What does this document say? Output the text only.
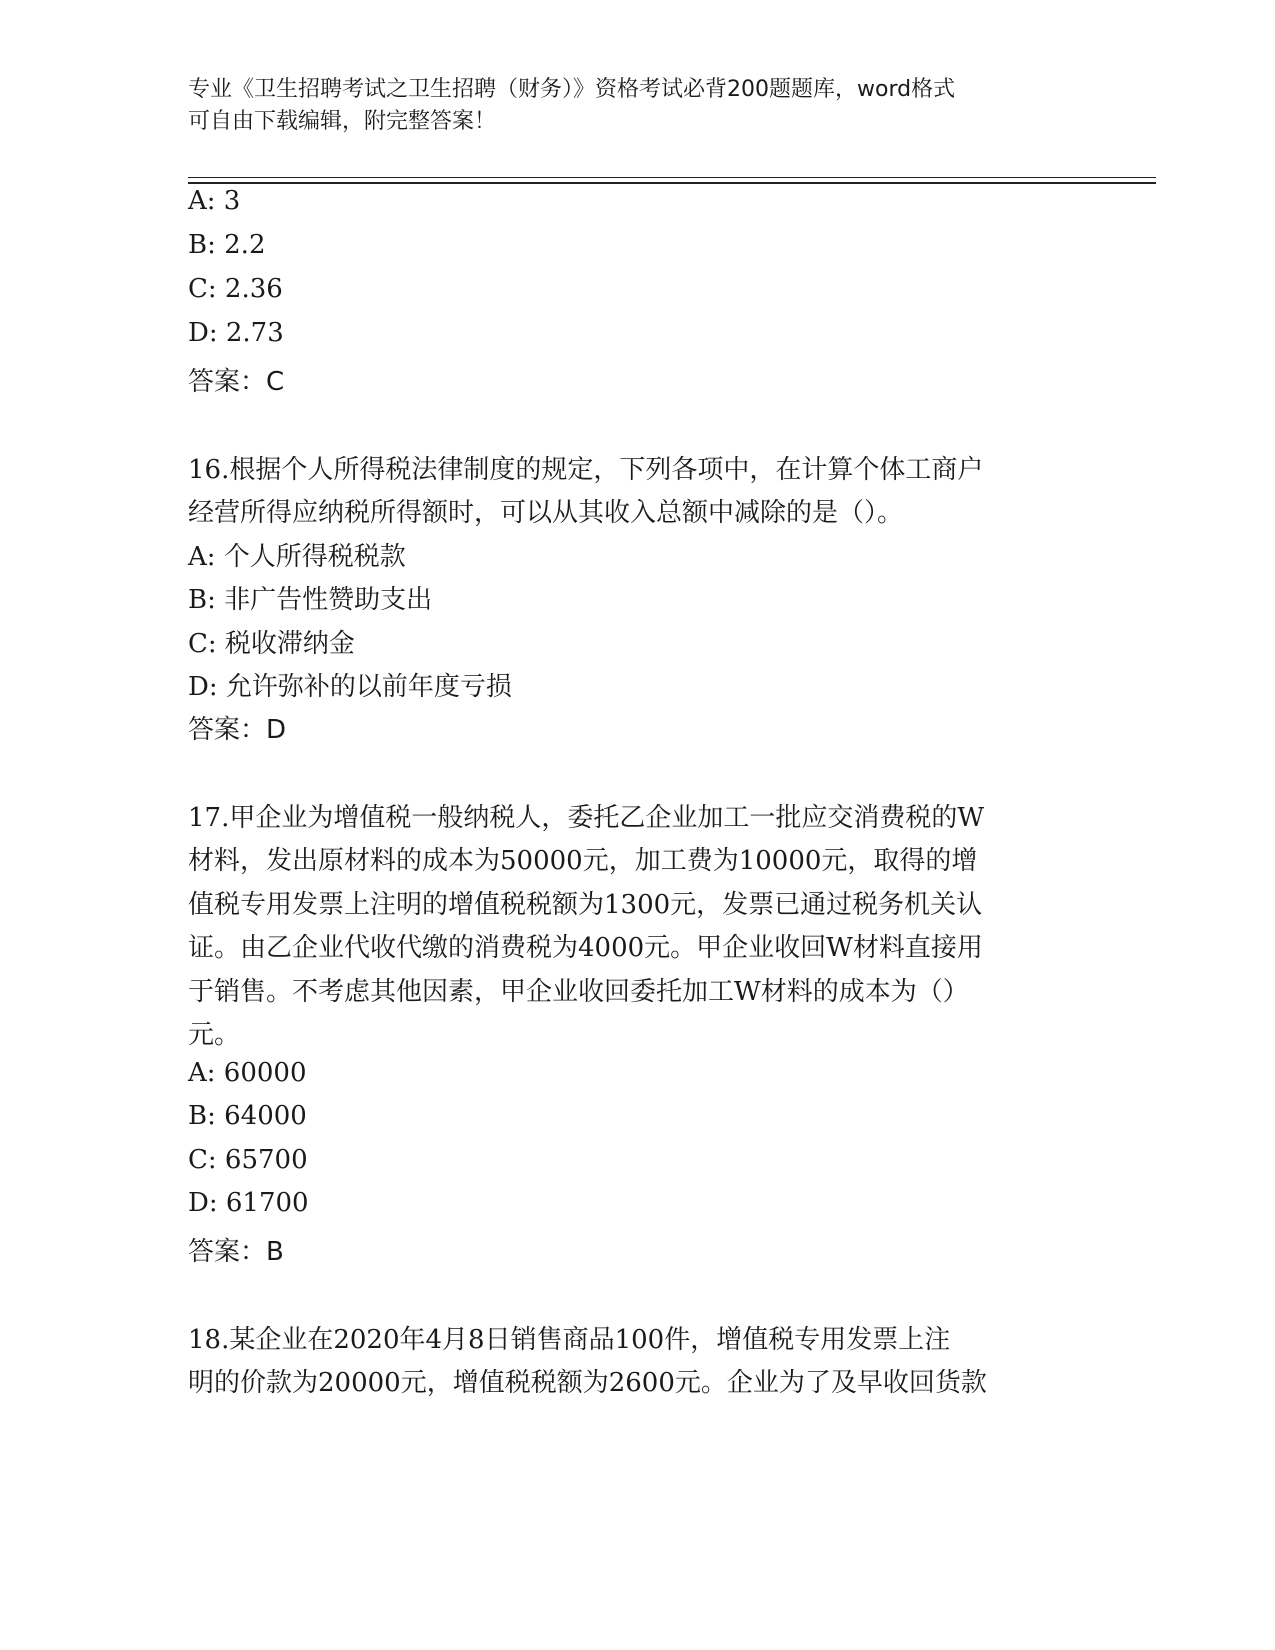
专业《卫生招聘考试之卫生招聘（财务）》资格考试必背200题题库，word格式
可自由下载编辑，附完整答案！
A: 3
B: 2.2
C: 2.36
D: 2.73
答案：C
16.根据个人所得税法律制度的规定，下列各项中，在计算个体工商户
经营所得应纳税所得额时，可以从其收入总额中减除的是（）。
A: 个人所得税税款
B: 非广告性赞助支出
C: 税收滞纳金
D: 允许弥补的以前年度亏损
答案：D
17.甲企业为增值税一般纳税人，委托乙企业加工一批应交消费税的W
材料，发出原材料的成本为50000元，加工费为10000元，取得的增
值税专用发票上注明的增值税税额为1300元，发票已通过税务机关认
证。由乙企业代收代缴的消费税为4000元。甲企业收回W材料直接用
于销售。不考虑其他因素，甲企业收回委托加工W材料的成本为（）
元。
A: 60000
B: 64000
C: 65700
D: 61700
答案：B
18.某企业在2020年4月8日销售商品100件，增值税专用发票上注
明的价款为20000元，增值税税额为2600元。企业为了及早收回货款
